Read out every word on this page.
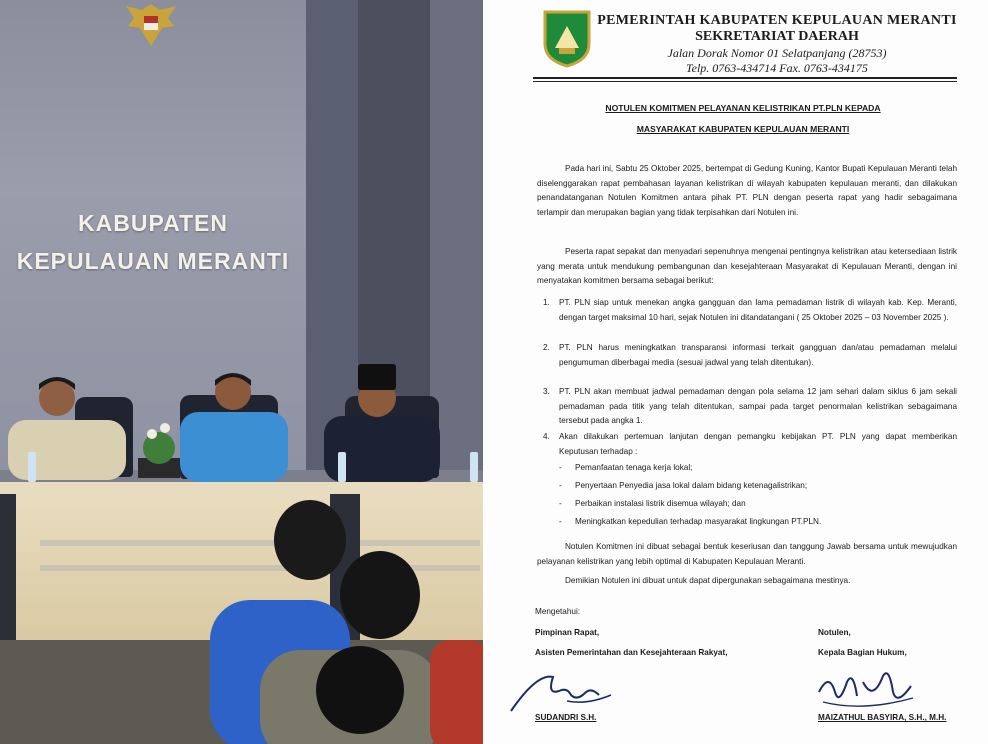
KABUPATEN
KEPULAUAN MERANTI
PEMERINTAH KABUPATEN KEPULAUAN MERANTI
SEKRETARIAT DAERAH
Jalan Dorak Nomor 01 Selatpanjang (28753)
Telp. 0763-434714 Fax. 0763-434175
NOTULEN KOMITMEN PELAYANAN KELISTRIKAN PT.PLN KEPADA
MASYARAKAT KABUPATEN KEPULAUAN MERANTI
Pada hari ini, Sabtu 25 Oktober 2025, bertempat di Gedung Kuning, Kantor Bupati Kepulauan Meranti telah diselenggarakan rapat pembahasan layanan kelistrikan di wilayah kabupaten kepulauan meranti, dan dilakukan penandatanganan Notulen Komitmen antara pihak PT. PLN dengan peserta rapat yang hadir sebagaimana terlampir dan merupakan bagian yang tidak terpisahkan dari Notulen ini.
Peserta rapat sepakat dan menyadari sepenuhnya mengenai pentingnya kelistrikan atau ketersediaan listrik yang merata untuk mendukung pembangunan dan kesejahteraan Masyarakat di Kepulauan Meranti, dengan ini menyatakan komitmen bersama sebagai berikut:
1. PT. PLN siap untuk menekan angka gangguan dan lama pemadaman listrik di wilayah kab. Kep. Meranti, dengan target maksimal 10 hari, sejak Notulen ini ditandatangani ( 25 Oktober 2025 – 03 November 2025 ).
2. PT. PLN harus meningkatkan transparansi informasi terkait gangguan dan/atau pemadaman melalui pengumuman diberbagai media (sesuai jadwal yang telah ditentukan).
3. PT. PLN akan membuat jadwal pemadaman dengan pola selama 12 jam sehari dalam siklus 6 jam sekali pemadaman pada titik yang telah ditentukan, sampai pada target penormalan kelistrikan sebagaimana tersebut pada angka 1.
4. Akan dilakukan pertemuan lanjutan dengan pemangku kebijakan PT. PLN yang dapat memberikan Keputusan terhadap :
- Pemanfaatan tenaga kerja lokal;
- Penyertaan Penyedia jasa lokal dalam bidang ketenagalistrikan;
- Perbaikan instalasi listrik disemua wilayah; dan
- Meningkatkan kepedulian terhadap masyarakat lingkungan PT.PLN.
Notulen Komitmen ini dibuat sebagai bentuk keseriusan dan tanggung Jawab bersama untuk mewujudkan pelayanan kelistrikan yang lebih optimal di Kabupaten Kepulauan Meranti.
Demikian Notulen ini dibuat untuk dapat dipergunakan sebagaimana mestinya.
Mengetahui:
Pimpinan Rapat,
Asisten Pemerintahan dan Kesejahteraan Rakyat,
SUDANDRI S.H.
Notulen,
Kepala Bagian Hukum,
MAIZATHUL BASYIRA, S.H., M.H.
